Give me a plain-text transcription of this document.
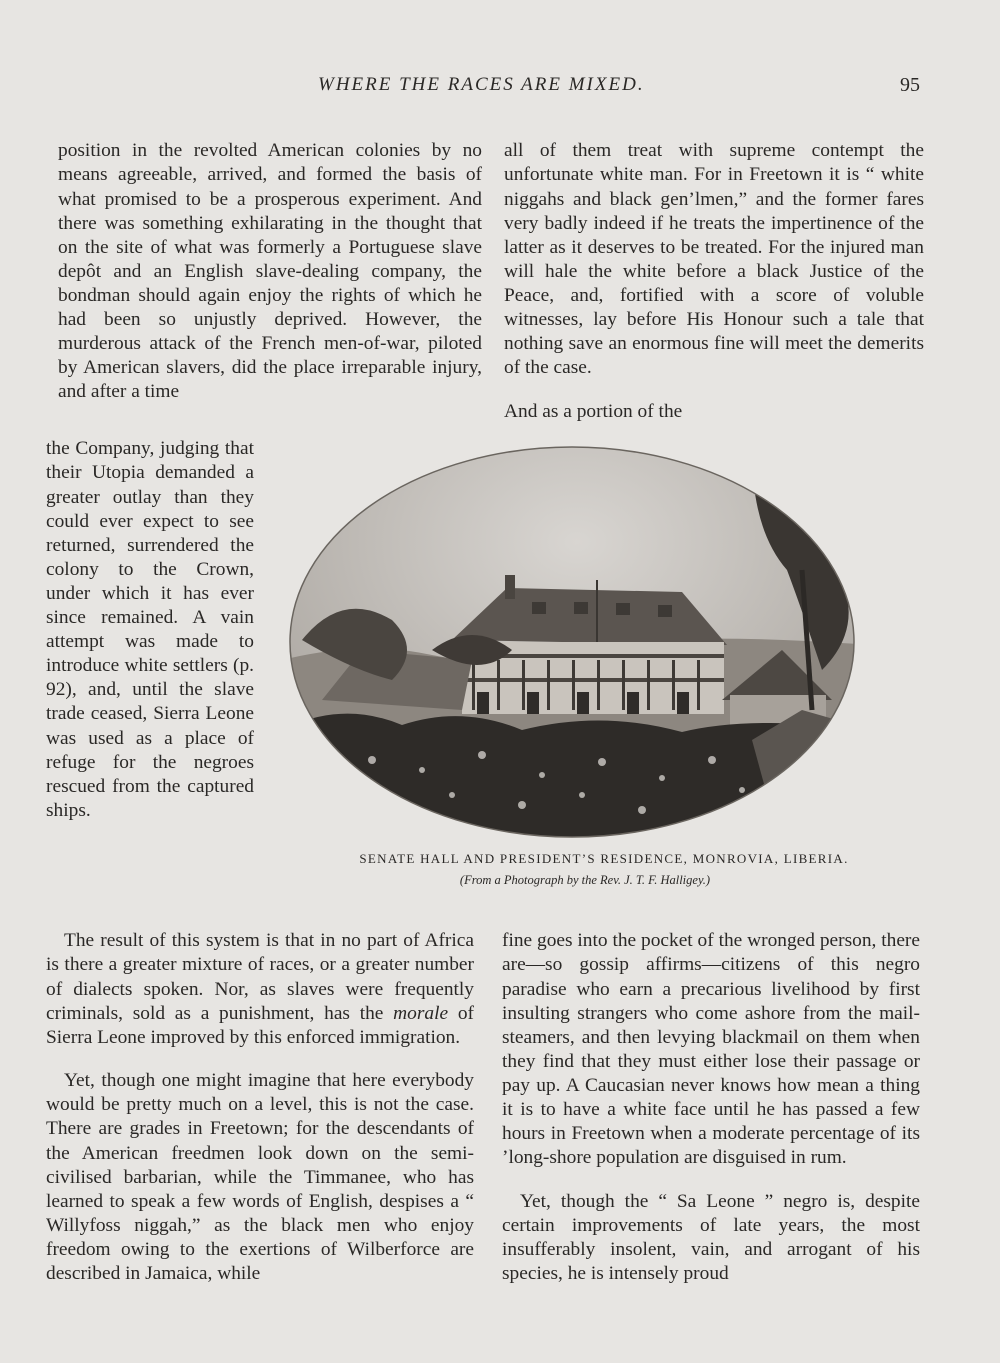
WHERE THE RACES ARE MIXED.	95

position in the revolted American colonies by no means agreeable, arrived, and formed the basis of what promised to be a prosperous experiment. And there was something exhilarating in the thought that on the site of what was formerly a Portuguese slave depôt and an English slave-dealing company, the bondman should again enjoy the rights of which he had been so unjustly deprived. However, the murderous attack of the French men-of-war, piloted by American slavers, did the place irreparable injury, and after a time

the Company, judging that their Utopia demanded a greater outlay than they could ever expect to see returned, surrendered the colony to the Crown, under which it has ever since remained. A vain attempt was made to introduce white settlers (p. 92), and, until the slave trade ceased, Sierra Leone was used as a place of refuge for the negroes rescued from the captured ships.

all of them treat with supreme contempt the unfortunate white man. For in Freetown it is “ white niggahs and black gen’lmen,” and the former fares very badly indeed if he treats the impertinence of the latter as it deserves to be treated. For the injured man will hale the white before a black Justice of the Peace, and, fortified with a score of voluble witnesses, lay before His Honour such a tale that nothing save an enormous fine will meet the demerits of the case.

And as a portion of the

SENATE HALL AND PRESIDENT’S RESIDENCE, MONROVIA, LIBERIA.
(From a Photograph by the Rev. J. T. F. Halligey.)

The result of this system is that in no part of Africa is there a greater mixture of races, or a greater number of dialects spoken. Nor, as slaves were frequently criminals, sold as a punishment, has the morale of Sierra Leone improved by this enforced immigration.

Yet, though one might imagine that here everybody would be pretty much on a level, this is not the case. There are grades in Freetown; for the descendants of the American freedmen look down on the semi-civilised barbarian, while the Timmanee, who has learned to speak a few words of English, despises a “ Willyfoss niggah,” as the black men who enjoy freedom owing to the exertions of Wilberforce are described in Jamaica, while

fine goes into the pocket of the wronged person, there are—so gossip affirms—citizens of this negro paradise who earn a precarious livelihood by first insulting strangers who come ashore from the mail-steamers, and then levying blackmail on them when they find that they must either lose their passage or pay up. A Caucasian never knows how mean a thing it is to have a white face until he has passed a few hours in Freetown when a moderate percentage of its ’long-shore population are disguised in rum.

Yet, though the “ Sa Leone ” negro is, despite certain improvements of late years, the most insufferably insolent, vain, and arrogant of his species, he is intensely proud
